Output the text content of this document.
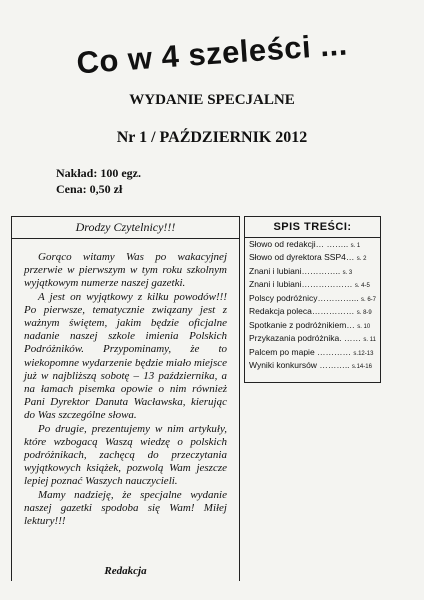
Co w 4 szeleści ...
WYDANIE SPECJALNE
Nr 1 / PAŹDZIERNIK 2012
Nakład: 100 egz.
Cena: 0,50 zł
Drodzy Czytelnicy!!!

Gorąco witamy Was po wakacyjnej przerwie w pierwszym w tym roku szkolnym wyjątkowym numerze naszej gazetki.

A jest on wyjątkowy z kilku powodów!!! Po pierwsze, tematycznie związany jest z ważnym świętem, jakim będzie oficjalne nadanie naszej szkole imienia Polskich Podróżników. Przypominamy, że to wiekopomne wydarzenie będzie miało miejsce już w najbliższą sobotę – 13 października, a na łamach pisemka opowie o nim również Pani Dyrektor Danuta Wacławska, kierując do Was szczególne słowa.

Po drugie, prezentujemy w nim artykuły, które wzbogacą Waszą wiedzę o polskich podróżnikach, zachęcą do przeczytania wyjątkowych książek, pozwolą Wam jeszcze lepiej poznać Waszych nauczycieli.

Mamy nadzieję, że specjalne wydanie naszej gazetki spodoba się Wam! Miłej lektury!!!

Redakcja
SPIS TREŚCI:
Słowo od redakcji… …….. s. 1
Słowo od dyrektora SSP4… s. 2
Znani i lubiani………….. s. 3
Znani i lubiani……………… s. 4-5
Polscy podróżnicy…………... s. 6-7
Redakcja poleca…………… s. 8-9
Spotkanie z podróżnikiem… s. 10
Przykazania podróżnika. …… s. 11
Palcem po mapie ………… s.12-13
Wyniki konkursów ……….. s.14-16
